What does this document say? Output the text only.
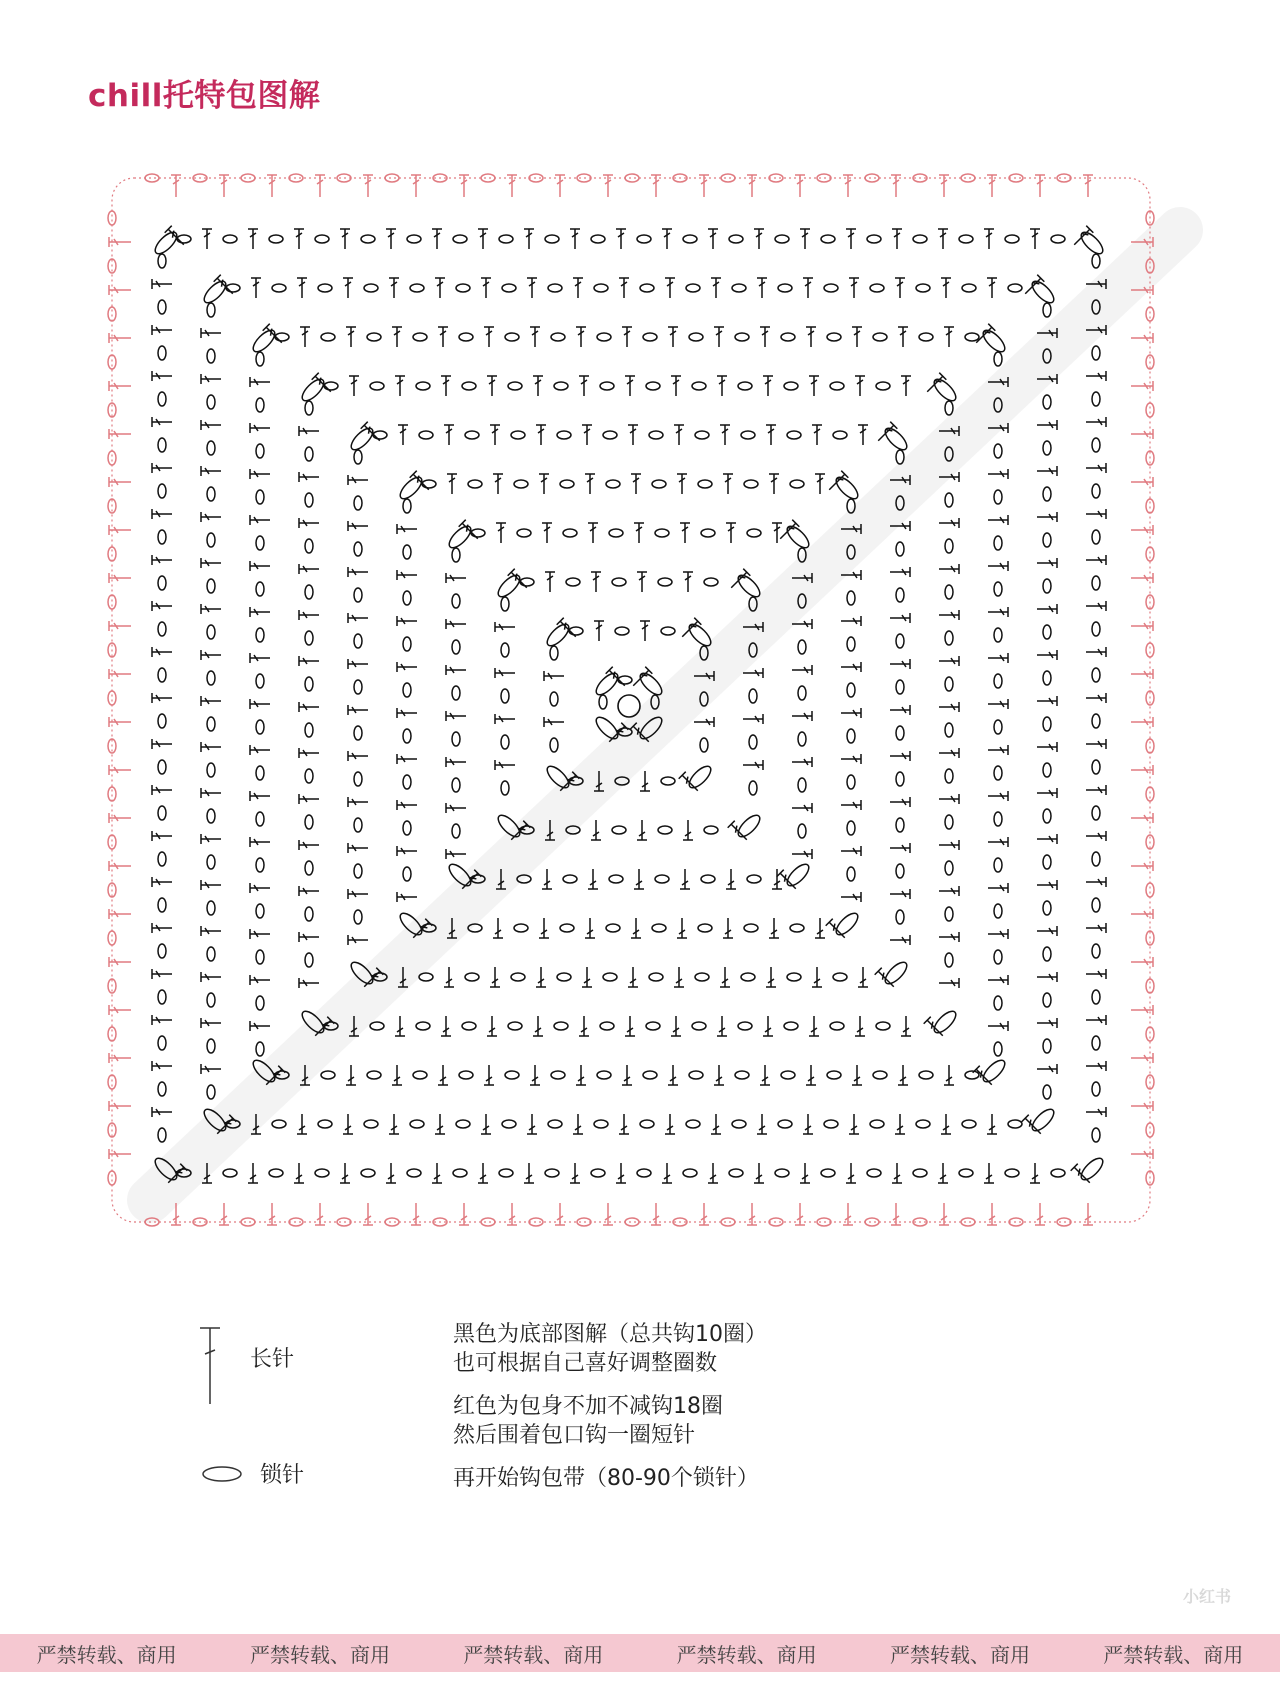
chill托特包图解
长针
锁针

黑色为底部图解（总共钩10圈）
也可根据自己喜好调整圈数

红色为包身不加不减钩18圈
然后围着包口钩一圈短针

再开始钩包带（80-90个锁针）

小红书
严禁转载、商用	严禁转载、商用	严禁转载、商用	严禁转载、商用	严禁转载、商用	严禁转载、商用
